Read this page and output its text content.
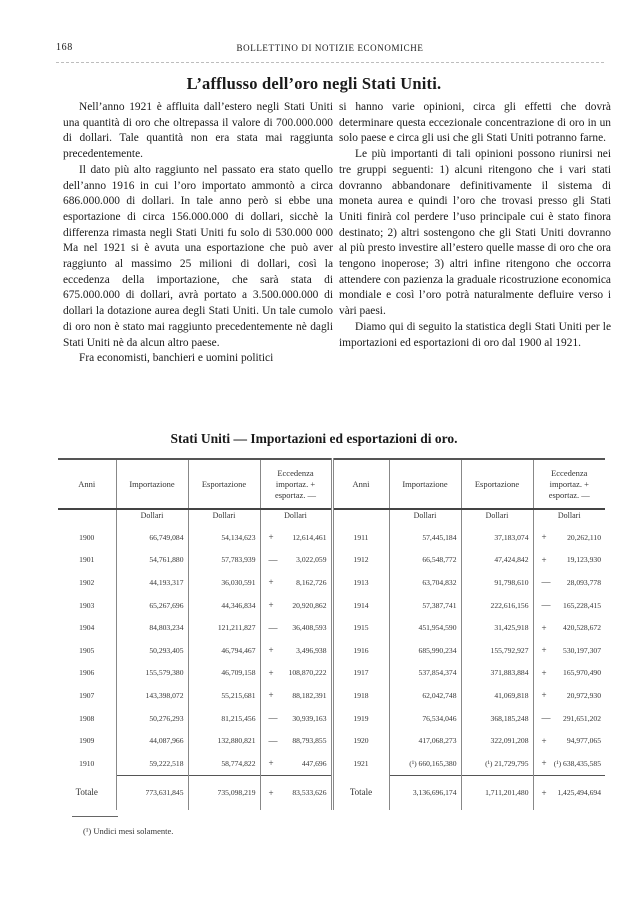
168	BOLLETTINO DI NOTIZIE ECONOMICHE
L’afflusso dell’oro negli Stati Uniti.

Nell’anno 1921 è affluita dall’estero negli Stati Uniti una quantità di oro che oltrepassa il valore di 700.000.000 di dollari. Tale quantità non era stata mai raggiunta precedentemente.

Il dato più alto raggiunto nel passato era stato quello dell’anno 1916 in cui l’oro importato ammontò a circa 686.000.000 di dollari. In tale anno però si ebbe una esportazione di circa 156.000.000 di dollari, sicchè la differenza rimasta negli Stati Uniti fu solo di 530.000 000 Ma nel 1921 si è avuta una esportazione che può aver raggiunto al massimo 25 milioni di dollari, così la eccedenza della importazione, che sarà stata di 675.000.000 di dollari, avrà portato a 3.500.000.000 di dollari la dotazione aurea degli Stati Uniti. Un tale cumolo di oro non è stato mai raggiunto precedentemente nè dagli Stati Uniti nè da alcun altro paese.

Fra economisti, banchieri e uomini politici

si hanno varie opinioni, circa gli effetti che dovrà determinare questa eccezionale concentrazione di oro in un solo paese e circa gli usi che gli Stati Uniti potranno farne.

Le più importanti di tali opinioni possono riunirsi nei tre gruppi seguenti: 1) alcuni ritengono che i vari stati dovranno abbandonare definitivamente il sistema di moneta aurea e quindi l’oro che trovasi presso gli Stati Uniti finirà col perdere l’uso principale cui è stato finora destinato; 2) altri sostengono che gli Stati Uniti dovranno al più presto investire all’estero quelle masse di oro che ora tengono inoperose; 3) altri infine ritengono che occorra attendere con pazienza la graduale ricostruzione economica mondiale e così l’oro potrà naturalmente defluire verso i vàri paesi.

Diamo qui di seguito la statistica degli Stati Uniti per le importazioni ed esportazioni di oro dal 1900 al 1921.

Stati Uniti — Importazioni ed esportazioni di oro.
Anni	Importazione	Esportazione	Eccedenza
importaz. +
esportaz. —	Anni	Importazione	Esportazione	Eccedenza
importaz. +
esportaz. —
	Dollari	Dollari	Dollari		Dollari	Dollari	Dollari
1900	66,749,084	54,134,623	+ 12,614,461	1911	57,445,184	37,183,074	+ 20,262,110
1901	54,761,880	57,783,939	— 3,022,059	1912	66,548,772	47,424,842	+ 19,123,930
1902	44,193,317	36,030,591	+ 8,162,726	1913	63,704,832	91,798,610	— 28,093,778
1903	65,267,696	44,346,834	+ 20,920,862	1914	57,387,741	222,616,156	— 165,228,415
1904	84,803,234	121,211,827	— 36,408,593	1915	451,954,590	31,425,918	+ 420,528,672
1905	50,293,405	46,794,467	+ 3,496,938	1916	685,990,234	155,792,927	+ 530,197,307
1906	155,579,380	46,709,158	+ 108,870,222	1917	537,854,374	371,883,884	+ 165,970,490
1907	143,398,072	55,215,681	+ 88,182,391	1918	62,042,748	41,069,818	+ 20,972,930
1908	50,276,293	81,215,456	— 30,939,163	1919	76,534,046	368,185,248	— 291,651,202
1909	44,087,966	132,880,821	— 88,793,855	1920	417,068,273	322,091,208	+ 94,977,065
1910	59,222,518	58,774,822	+ 447,696	1921	(¹) 660,165,380	(¹) 21,729,795	+ (¹) 638,435,585
Totale	773,631,845	735,098,219	+ 83,533,626	Totale	3,136,696,174	1,711,201,480	+ 1,425,494,694
(¹) Undici mesi solamente.
